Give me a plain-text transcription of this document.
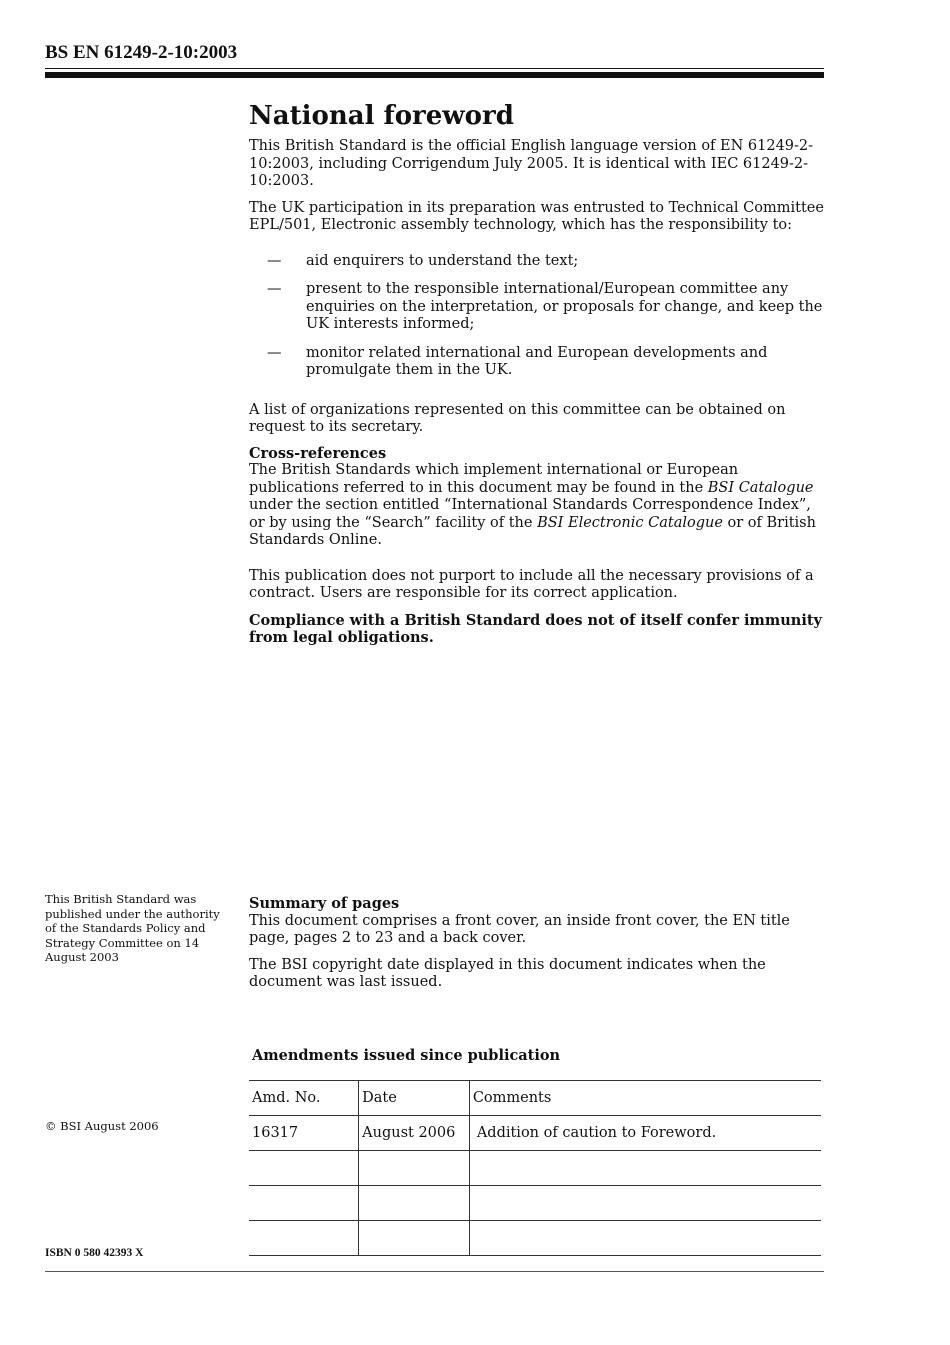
BS EN 61249-2-10:2003
National foreword

This British Standard is the official English language version of EN 61249-2-10:2003, including Corrigendum July 2005. It is identical with IEC 61249-2-10:2003.

The UK participation in its preparation was entrusted to Technical Committee EPL/501, Electronic assembly technology, which has the responsibility to:

— aid enquirers to understand the text;
— present to the responsible international/European committee any enquiries on the interpretation, or proposals for change, and keep the UK interests informed;
— monitor related international and European developments and promulgate them in the UK.

A list of organizations represented on this committee can be obtained on request to its secretary.

Cross-references

The British Standards which implement international or European publications referred to in this document may be found in the BSI Catalogue under the section entitled “International Standards Correspondence Index”, or by using the “Search” facility of the BSI Electronic Catalogue or of British Standards Online.

This publication does not purport to include all the necessary provisions of a contract. Users are responsible for its correct application.

Compliance with a British Standard does not of itself confer immunity from legal obligations.

This British Standard was published under the authority of the Standards Policy and Strategy Committee on 14 August 2003

© BSI August 2006
ISBN 0 580 42393 X

Summary of pages

This document comprises a front cover, an inside front cover, the EN title page, pages 2 to 23 and a back cover.

The BSI copyright date displayed in this document indicates when the document was last issued.

Amendments issued since publication
Amd. No.	Date	Comments
16317	August 2006	Addition of caution to Foreword.
